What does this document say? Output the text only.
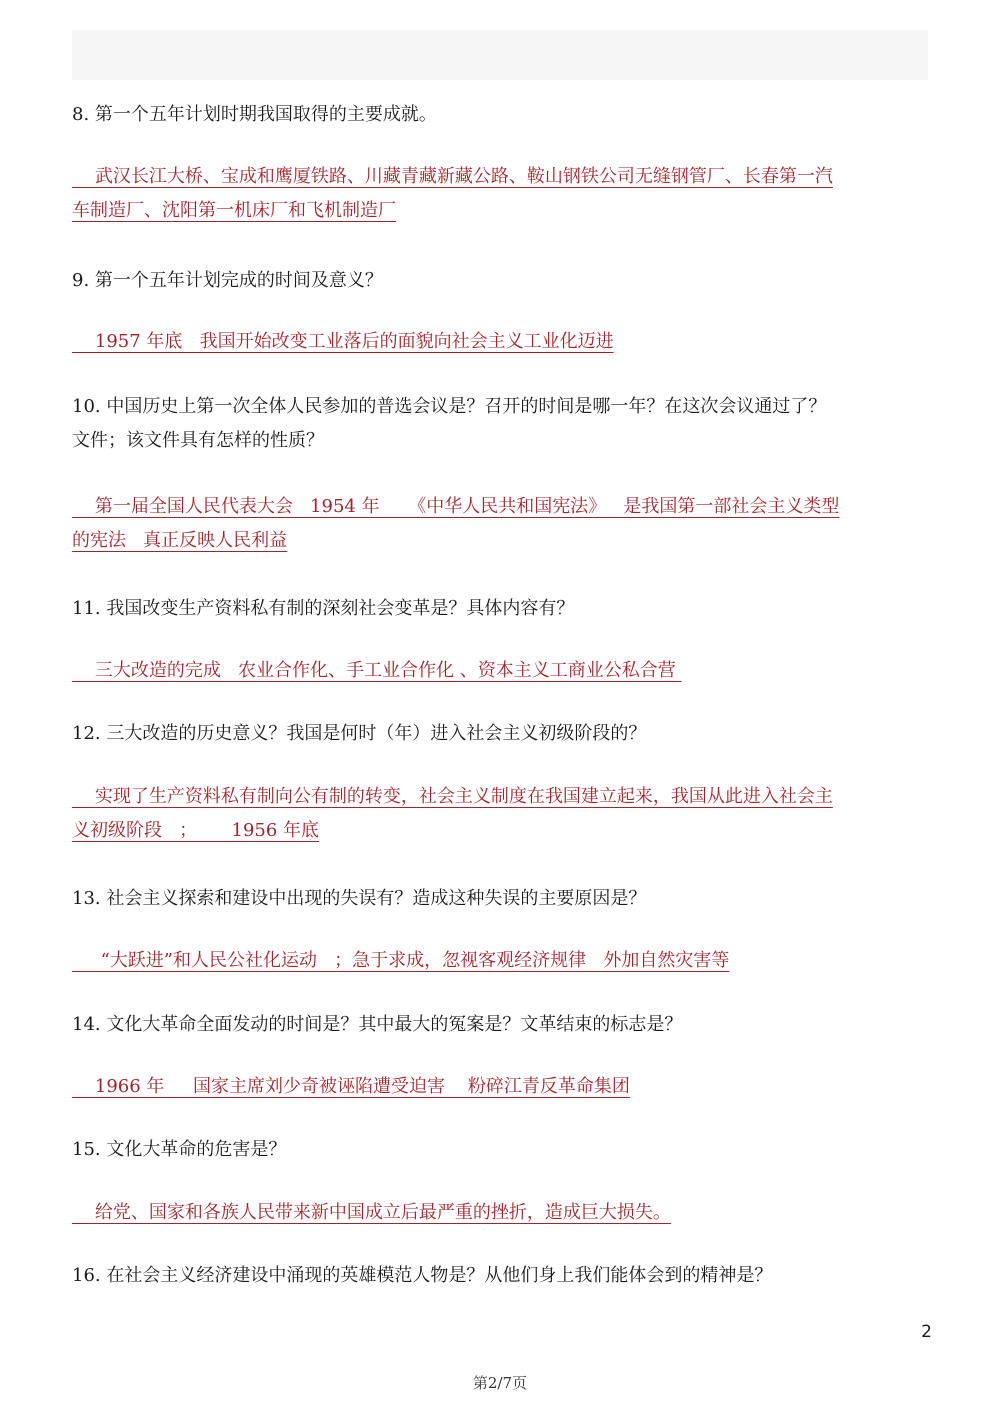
8. 第一个五年计划时期我国取得的主要成就。
武汉长江大桥、宝成和鹰厦铁路、川藏青藏新藏公路、鞍山钢铁公司无缝钢管厂、长春第一汽
车制造厂、沈阳第一机床厂和飞机制造厂
9. 第一个五年计划完成的时间及意义？
1957 年底   我国开始改变工业落后的面貌向社会主义工业化迈进
10. 中国历史上第一次全体人民参加的普选会议是？召开的时间是哪一年？在这次会议通过了？
文件；该文件具有怎样的性质？
第一届全国人民代表大会   1954 年     《中华人民共和国宪法》   是我国第一部社会主义类型
的宪法   真正反映人民利益
11. 我国改变生产资料私有制的深刻社会变革是？具体内容有？
三大改造的完成   农业合作化、手工业合作化 、资本主义工商业公私合营
12. 三大改造的历史意义？我国是何时（年）进入社会主义初级阶段的？
实现了生产资料私有制向公有制的转变，社会主义制度在我国建立起来，我国从此进入社会主
义初级阶段   ；      1956 年底
13. 社会主义探索和建设中出现的失误有？造成这种失误的主要原因是？
“大跃进”和人民公社化运动   ；急于求成，忽视客观经济规律   外加自然灾害等
14. 文化大革命全面发动的时间是？其中最大的冤案是？文革结束的标志是？
1966 年     国家主席刘少奇被诬陷遭受迫害    粉碎江青反革命集团
15. 文化大革命的危害是？
给党、国家和各族人民带来新中国成立后最严重的挫折，造成巨大损失。
16. 在社会主义经济建设中涌现的英雄模范人物是？从他们身上我们能体会到的精神是？
2
第2/7页
